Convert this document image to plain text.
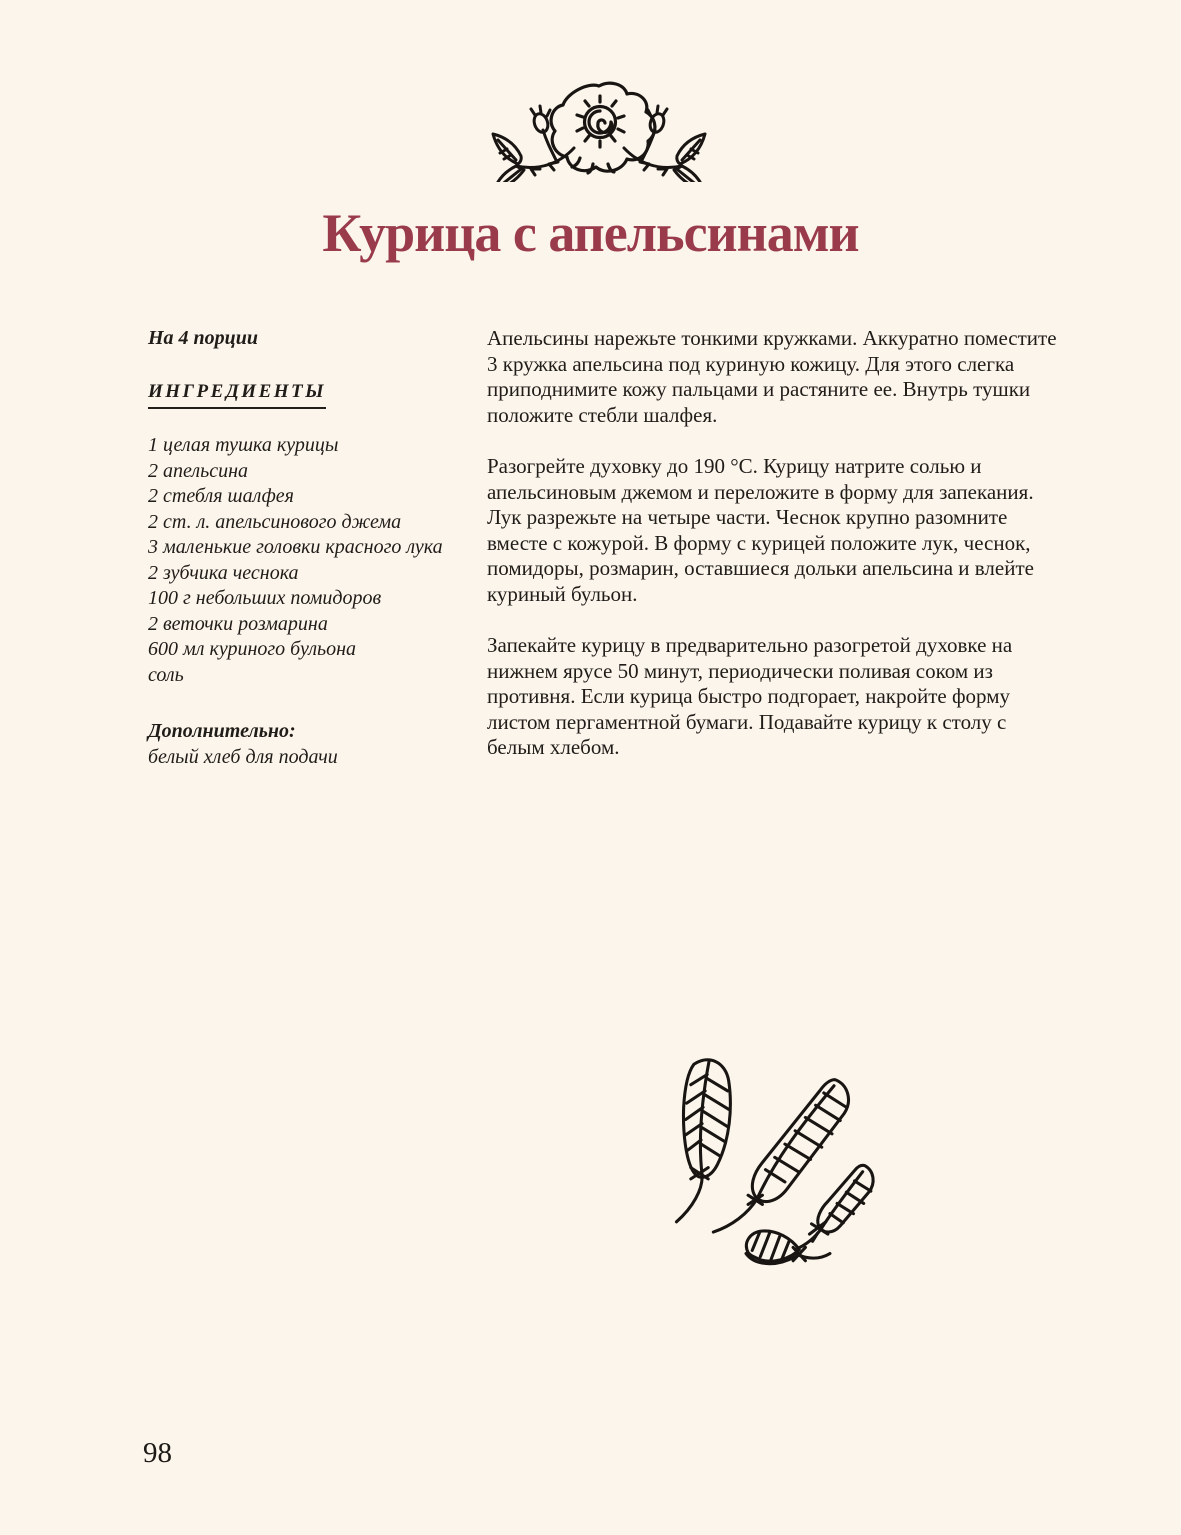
Курица с апельсинами

На 4 порции

ИНГРЕДИЕНТЫ

1 целая тушка курицы
2 апельсина
2 стебля шалфея
2 ст. л. апельсинового джема
3 маленькие головки красного лука
2 зубчика чеснока
100 г небольших помидоров
2 веточки розмарина
600 мл куриного бульона
соль

Дополнительно:

белый хлеб для подачи

Апельсины нарежьте тонкими кружками. Аккуратно поместите 3 кружка апельсина под куриную кожицу. Для этого слегка приподнимите кожу пальцами и растяните ее. Внутрь тушки положите стебли шалфея.

Разогрейте духовку до 190 °C. Курицу натрите солью и апельсиновым джемом и переложите в форму для запекания. Лук разрежьте на четыре части. Чеснок крупно разомните вместе с кожурой. В форму с курицей положите лук, чеснок, помидоры, розмарин, оставшиеся дольки апельсина и влейте куриный бульон.

Запекайте курицу в предварительно разогретой духовке на нижнем ярусе 50 минут, периодически поливая соком из противня. Если курица быстро подгорает, накройте форму листом пергаментной бумаги. Подавайте курицу к столу с белым хлебом.

98
